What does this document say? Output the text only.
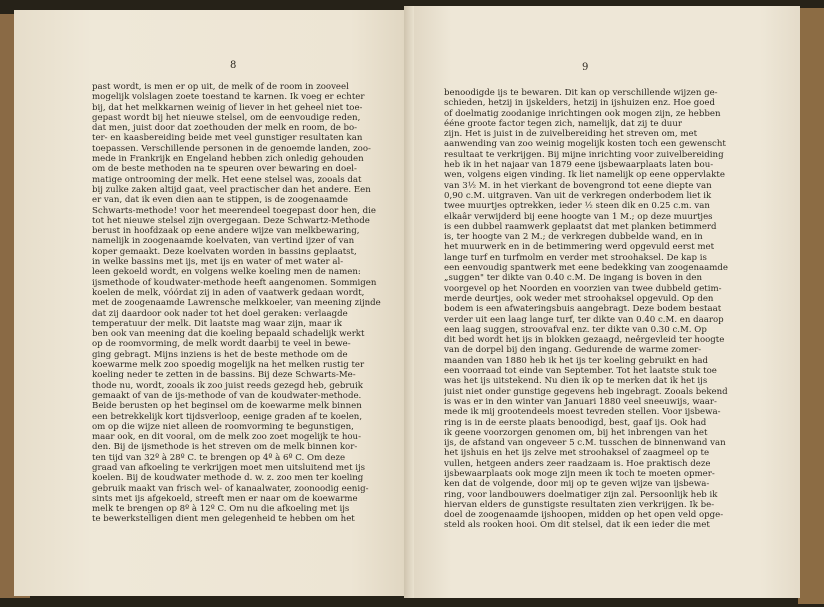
8
past wordt, is men er op uit, de melk of de room in zooveel
mogelijk volslagen zoete toestand te karnen. Ik voeg er echter
bij, dat het melkkarnen weinig of liever in het geheel niet toe-
gepast wordt bij het nieuwe stelsel, om de eenvoudige reden,
dat men, juist door dat zoethouden der melk en room, de bo-
ter- en kaasbereiding beide met veel gunstiger resultaten kan
toepassen. Verschillende personen in de genoemde landen, zoo-
mede in Frankrijk en Engeland hebben zich onledig gehouden
om de beste methoden na te speuren over bewaring en doel-
matige ontrooming der melk. Het eene stelsel was, zooals dat
bij zulke zaken altijd gaat, veel practischer dan het andere. Een
er van, dat ik even dien aan te stippen, is de zoogenaamde
Schwarts-methode! voor het meerendeel toegepast door hen, die
tot het nieuwe stelsel zijn overgegaan. Deze Schwartz-Methode
berust in hoofdzaak op eene andere wijze van melkbewaring,
namelijk in zoogenaamde koelvaten, van vertind ijzer of van
koper gemaakt. Deze koelvaten worden in bassins geplaatst,
in welke bassins met ijs, met ijs en water of met water al-
leen gekoeld wordt, en volgens welke koeling men de namen:
ijsmethode of koudwater-methode heeft aangenomen. Sommigen
koelen de melk, vóórdat zij in aden of vaatwerk gedaan wordt,
met de zoogenaamde Lawrensche melkkoeler, van meening zijnde
dat zij daardoor ook nader tot het doel geraken: verlaagde
temperatuur der melk. Dit laatste mag waar zijn, maar ik
ben ook van meening dat die koeling bepaald schadelijk werkt
op de roomvorming, de melk wordt daarbij te veel in bewe-
ging gebragt. Mijns inziens is het de beste methode om de
koewarme melk zoo spoedig mogelijk na het melken rustig ter
koeling neder te zetten in de bassins. Bij deze Schwarts-Me-
thode nu, wordt, zooals ik zoo juist reeds gezegd heb, gebruik
gemaakt of van de ijs-methode of van de koudwater-methode.
Beide berusten op het beginsel om de koewarme melk binnen
een betrekkelijk kort tijdsverloop, eenige graden af te koelen,
om op die wijze niet alleen de roomvorming te begunstigen,
maar ook, en dit vooral, om de melk zoo zoet mogelijk te hou-
den. Bij de ijsmethode is het streven om de melk binnen kor-
ten tijd van 32º à 28º C. te brengen op 4º à 6º C. Om deze
graad van afkoeling te verkrijgen moet men uitsluitend met ijs
koelen. Bij de koudwater methode d. w. z. zoo men ter koeling
gebruik maakt van frisch wel- of kanaalwater, zoonoodig eenig-
sints met ijs afgekoeld, streeft men er naar om de koewarme
melk te brengen op 8º à 12º C. Om nu die afkoeling met ijs
te bewerkstelligen dient men gelegenheid te hebben om het
9
benoodigde ijs te bewaren. Dit kan op verschillende wijzen ge-
schieden, hetzij in ijskelders, hetzij in ijshuizen enz. Hoe goed
of doelmatig zoodanige inrichtingen ook mogen zijn, ze hebben
ééne groote factor tegen zich, namelijk, dat zij te duur
zijn. Het is juist in de zuivelbereiding het streven om, met
aanwending van zoo weinig mogelijk kosten toch een gewenscht
resultaat te verkrijgen. Bij mijne inrichting voor zuivelbereiding
heb ik in het najaar van 1879 eene ijsbewaarplaats laten bou-
wen, volgens eigen vinding. Ik liet namelijk op eene oppervlakte
van 3½ M. in het vierkant de bovengrond tot eene diepte van
0,90 c.M. uitgraven. Van uit de verkregen onderbodem liet ik
twee muurtjes optrekken, ieder ½ steen dik en 0.25 c.m. van
elkaâr verwijderd bij eene hoogte van 1 M.; op deze muurtjes
is een dubbel raamwerk geplaatst dat met planken betimmerd
is, ter hoogte van 2 M.; de verkregen dubbelde wand, en in
het muurwerk en in de betimmering werd opgevuld eerst met
lange turf en turfmolm en verder met stroohaksel. De kap is
een eenvoudig spantwerk met eene bedekking van zoogenaamde
„suggen" ter dikte van 0.40 c.M. De ingang is boven in den
voorgevel op het Noorden en voorzien van twee dubbeld getim-
merde deurtjes, ook weder met stroohaksel opgevuld. Op den
bodem is een afwateringsbuis aangebragt. Deze bodem bestaat
verder uit een laag lange turf, ter dikte van 0.40 c.M. en daarop
een laag suggen, stroovafval enz. ter dikte van 0.30 c.M. Op
dit bed wordt het ijs in blokken gezaagd, neêrgevleid ter hoogte
van de dorpel bij den ingang. Gedurende de warme zomer-
maanden van 1880 heb ik het ijs ter koeling gebruikt en had
een voorraad tot einde van September. Tot het laatste stuk toe
was het ijs uitstekend. Nu dien ik op te merken dat ik het ijs
juist niet onder gunstige gegevens heb ingebragt. Zooals bekend
is was er in den winter van Januari 1880 veel sneeuwijs, waar-
mede ik mij grootendeels moest tevreden stellen. Voor ijsbewa-
ring is in de eerste plaats benoodigd, best, gaaf ijs. Ook had
ik geene voorzorgen genomen om, bij het inbrengen van het
ijs, de afstand van ongeveer 5 c.M. tusschen de binnenwand van
het ijshuis en het ijs zelve met stroohaksel of zaagmeel op te
vullen, hetgeen anders zeer raadzaam is. Hoe praktisch deze
ijsbewaarplaats ook moge zijn meen ik toch te moeten opmer-
ken dat de volgende, door mij op te geven wijze van ijsbewa-
ring, voor landbouwers doelmatiger zijn zal. Persoonlijk heb ik
hiervan elders de gunstigste resultaten zien verkrijgen. Ik be-
doel de zoogenaamde ijshoopen, midden op het open veld opge-
steld als rooken hooi. Om dit stelsel, dat ik een ieder die met
